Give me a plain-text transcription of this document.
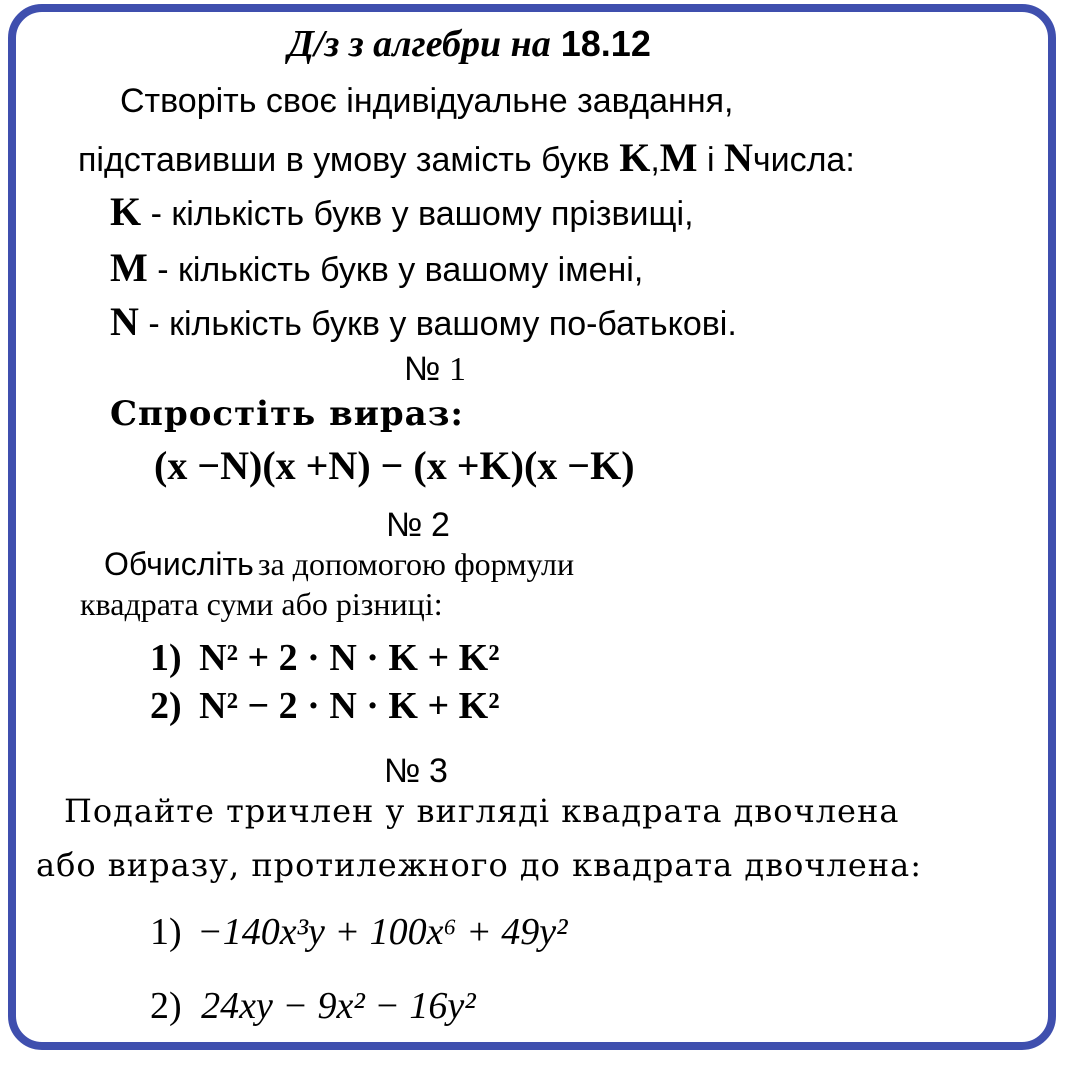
Д/з з алгебри на 18.12
Створіть своє індивідуальне завдання,
підставивши в умову замість букв K,M і Nчисла:
K - кількість букв у вашому прізвищі,
M - кількість букв у вашому імені,
N - кількість букв у вашому по-батькові.
№ 1
Спростіть вираз:
(x −N)(x +N) − (x +K)(x −K)
№ 2
Обчисліть за допомогою формули
квадрата суми або різниці:
1) N² + 2 · N · K + K²
2) N² − 2 · N · K + K²
№ 3
Подайте тричлен у вигляді квадрата двочлена
або виразу, протилежного до квадрата двочлена:
1) −140x³y + 100x⁶ + 49y²
2) 24xy − 9x² − 16y²
